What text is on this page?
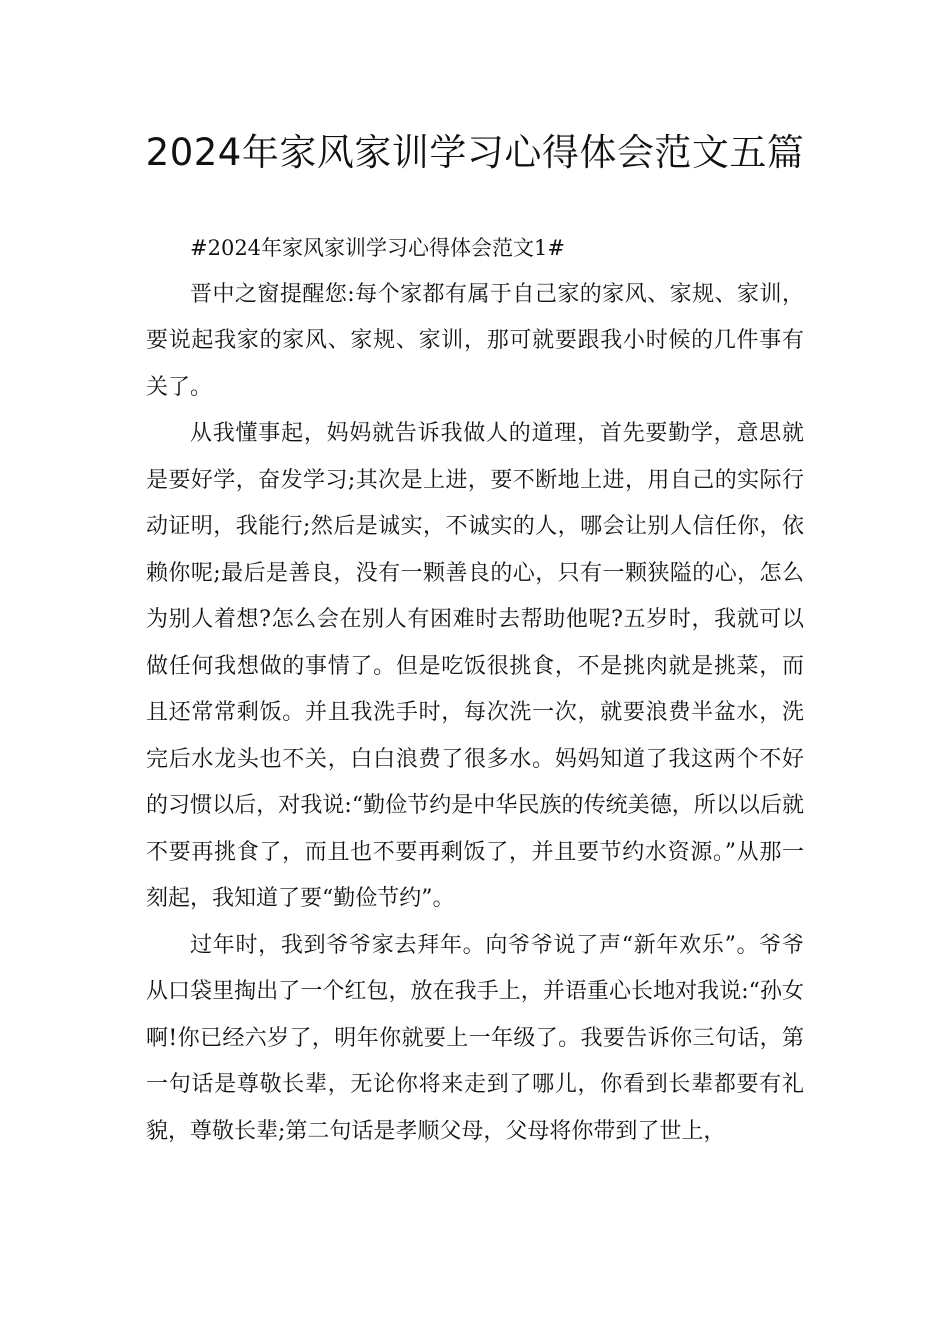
2024年家风家训学习心得体会范文五篇

#2024年家风家训学习心得体会范文1#

晋中之窗提醒您:每个家都有属于自己家的家风、家规、家训，要说起我家的家风、家规、家训，那可就要跟我小时候的几件事有关了。

从我懂事起，妈妈就告诉我做人的道理，首先要勤学，意思就是要好学，奋发学习;其次是上进，要不断地上进，用自己的实际行动证明，我能行;然后是诚实，不诚实的人，哪会让别人信任你，依赖你呢;最后是善良，没有一颗善良的心，只有一颗狭隘的心，怎么为别人着想?怎么会在别人有困难时去帮助他呢?五岁时，我就可以做任何我想做的事情了。但是吃饭很挑食，不是挑肉就是挑菜，而且还常常剩饭。并且我洗手时，每次洗一次，就要浪费半盆水，洗完后水龙头也不关，白白浪费了很多水。妈妈知道了我这两个不好的习惯以后，对我说:“勤俭节约是中华民族的传统美德，所以以后就不要再挑食了，而且也不要再剩饭了，并且要节约水资源。”从那一刻起，我知道了要“勤俭节约”。

过年时，我到爷爷家去拜年。向爷爷说了声“新年欢乐”。爷爷从口袋里掏出了一个红包，放在我手上，并语重心长地对我说:“孙女啊!你已经六岁了，明年你就要上一年级了。我要告诉你三句话，第一句话是尊敬长辈，无论你将来走到了哪儿，你看到长辈都要有礼貌，尊敬长辈;第二句话是孝顺父母，父母将你带到了世上，
